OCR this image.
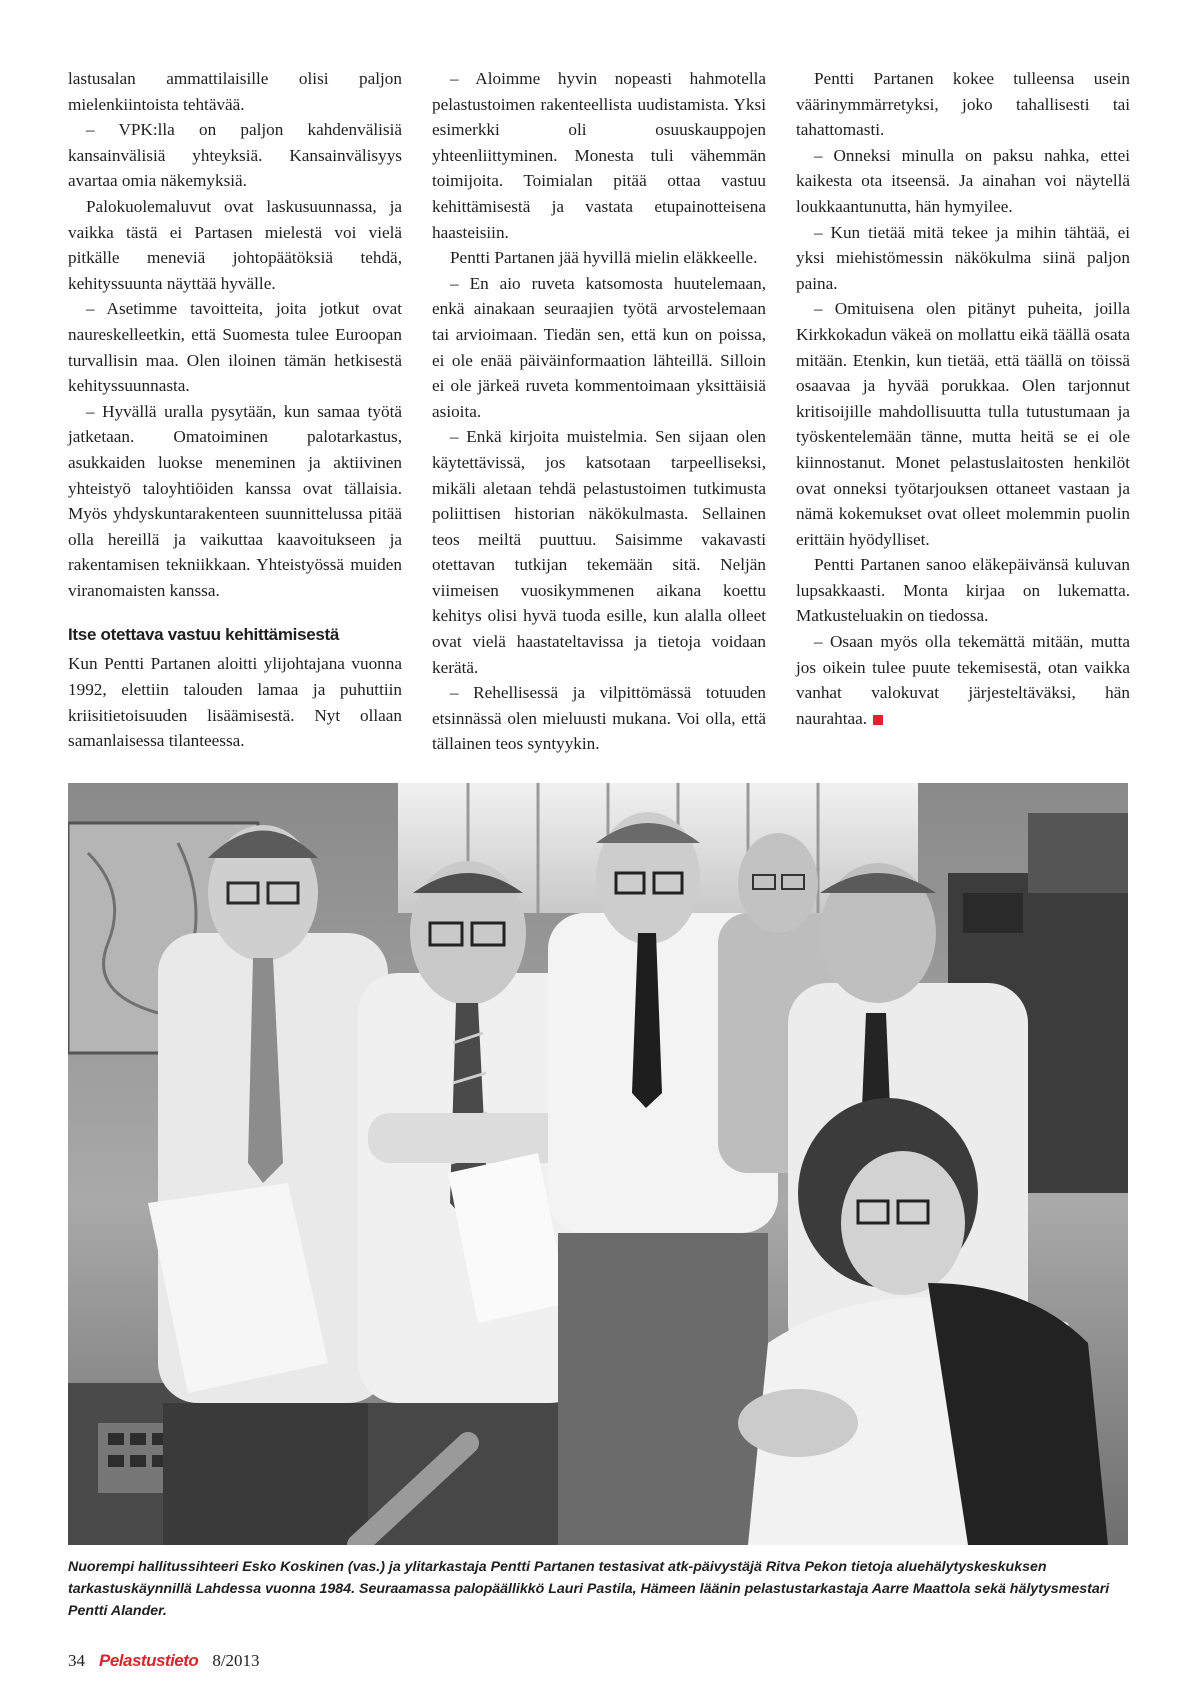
lastusalan ammattilaisille olisi paljon mielenkiintoista tehtävää.

– VPK:lla on paljon kahdenvälisiä kansainvälisiä yhteyksiä. Kansainvälisyys avartaa omia näkemyksiä.

Palokuolemaluvut ovat laskusuunnassa, ja vaikka tästä ei Partasen mielestä voi vielä pitkälle meneviä johtopäätöksiä tehdä, kehityssuunta näyttää hyvälle.

– Asetimme tavoitteita, joita jotkut ovat naureskelleetkin, että Suomesta tulee Euroopan turvallisin maa. Olen iloinen tämän hetkisestä kehityssuunnasta.

– Hyvällä uralla pysytään, kun samaa työtä jatketaan. Omatoiminen palotarkastus, asukkaiden luokse meneminen ja aktiivinen yhteistyö taloyhtiöiden kanssa ovat tällaisia. Myös yhdyskuntarakenteen suunnittelussa pitää olla hereillä ja vaikuttaa kaavoitukseen ja rakentamisen tekniikkaan. Yhteistyössä muiden viranomaisten kanssa.

Itse otettava vastuu kehittämisestä

Kun Pentti Partanen aloitti ylijohtajana vuonna 1992, elettiin talouden lamaa ja puhuttiin kriisitietoisuuden lisäämisestä. Nyt ollaan samanlaisessa tilanteessa.

– Aloimme hyvin nopeasti hahmotella pelastustoimen rakenteellista uudistamista. Yksi esimerkki oli osuuskauppojen yhteenliittyminen. Monesta tuli vähemmän toimijoita. Toimialan pitää ottaa vastuu kehittämisestä ja vastata etupainotteisena haasteisiin.

Pentti Partanen jää hyvillä mielin eläkkeelle.

– En aio ruveta katsomosta huutelemaan, enkä ainakaan seuraajien työtä arvostelemaan tai arvioimaan. Tiedän sen, että kun on poissa, ei ole enää päiväinformaation lähteillä. Silloin ei ole järkeä ruveta kommentoimaan yksittäisiä asioita.

– Enkä kirjoita muistelmia. Sen sijaan olen käytettävissä, jos katsotaan tarpeelliseksi, mikäli aletaan tehdä pelastustoimen tutkimusta poliittisen historian näkökulmasta. Sellainen teos meiltä puuttuu. Saisimme vakavasti otettavan tutkijan tekemään sitä. Neljän viimeisen vuosikymmenen aikana koettu kehitys olisi hyvä tuoda esille, kun alalla olleet ovat vielä haastateltavissa ja tietoja voidaan kerätä.

– Rehellisessä ja vilpittömässä totuuden etsinnässä olen mieluusti mukana. Voi olla, että tällainen teos syntyykin.

Pentti Partanen kokee tulleensa usein väärinymmärretyksi, joko tahallisesti tai tahattomasti.

– Onneksi minulla on paksu nahka, ettei kaikesta ota itseensä. Ja ainahan voi näytellä loukkaantunutta, hän hymyilee.

– Kun tietää mitä tekee ja mihin tähtää, ei yksi miehistömessin näkökulma siinä paljon paina.

– Omituisena olen pitänyt puheita, joilla Kirkkokadun väkeä on mollattu eikä täällä osata mitään. Etenkin, kun tietää, että täällä on töissä osaavaa ja hyvää porukkaa. Olen tarjonnut kritisoijille mahdollisuutta tulla tutustumaan ja työskentelemään tänne, mutta heitä se ei ole kiinnostanut. Monet pelastuslaitosten henkilöt ovat onneksi työtarjouksen ottaneet vastaan ja nämä kokemukset ovat olleet molemmin puolin erittäin hyödylliset.

Pentti Partanen sanoo eläkepäivänsä kuluvan lupsakkaasti. Monta kirjaa on lukematta. Matkusteluakin on tiedossa.

– Osaan myös olla tekemättä mitään, mutta jos oikein tulee puute tekemisestä, otan vaikka vanhat valokuvat järjesteltäväksi, hän naurahtaa.

Nuorempi hallitussihteeri Esko Koskinen (vas.) ja ylitarkastaja Pentti Partanen testasivat atk-päivystäjä Ritva Pekon tietoja aluehälytyskeskuksen tarkastuskäynnillä Lahdessa vuonna 1984. Seuraamassa palopäällikkö Lauri Pastila, Hämeen läänin pelastustarkastaja Aarre Maattola sekä hälytysmestari Pentti Alander.

34 Pelastustieto 8/2013
